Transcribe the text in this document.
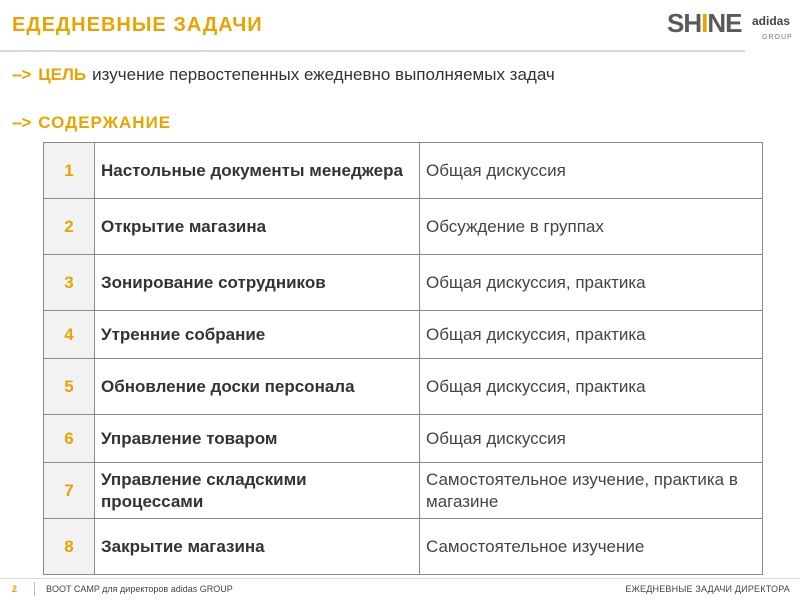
ЕДЕДНЕВНЫЕ ЗАДАЧИ	SHINE adidas
GROUP
--> ЦЕЛЬ изучение первостепенных ежедневно выполняемых задач
--> СОДЕРЖАНИЕ
1	Настольные документы менеджера	Общая дискуссия
2	Открытие магазина	Обсуждение в группах
3	Зонирование сотрудников	Общая дискуссия, практика
4	Утренние собрание	Общая дискуссия, практика
5	Обновление доски персонала	Общая дискуссия, практика
6	Управление товаром	Общая дискуссия
7	Управление складскими процессами	Самостоятельное изучение, практика в магазине
8	Закрытие магазина	Самостоятельное изучение
2	BOOT CAMP для директоров adidas GROUP	ЕЖЕДНЕВНЫЕ ЗАДАЧИ ДИРЕКТОРА
